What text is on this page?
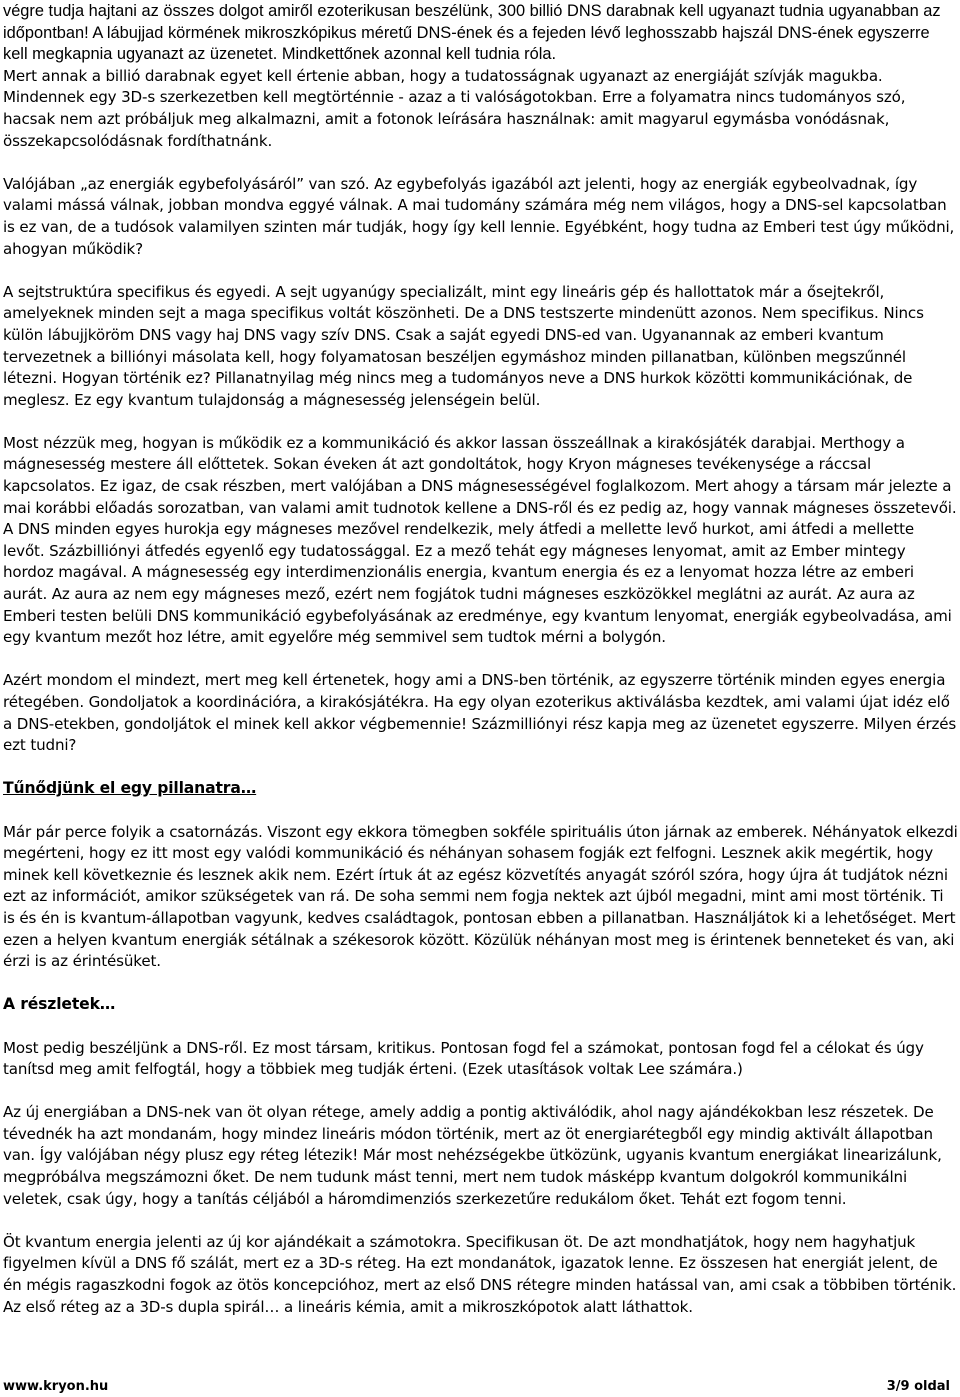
végre tudja hajtani az összes dolgot amiről ezoterikusan beszélünk, 300 billió DNS darabnak kell ugyanazt tudnia ugyanabban az időpontban! A lábujjad körmének mikroszkópikus méretű DNS-ének és a fejeden lévő leghosszabb hajszál DNS-ének egyszerre kell megkapnia ugyanazt az üzenetet. Mindkettőnek azonnal kell tudnia róla.

Mert annak a billió darabnak egyet kell értenie abban, hogy a tudatosságnak ugyanazt az energiáját szívják magukba. Mindennek egy 3D-s szerkezetben kell megtörténnie - azaz a ti valóságotokban. Erre a folyamatra nincs tudományos szó, hacsak nem azt próbáljuk meg alkalmazni, amit a fotonok leírására használnak: amit magyarul egymásba vonódásnak, összekapcsolódásnak fordíthatnánk.

Valójában „az energiák egybefolyásáról” van szó. Az egybefolyás igazából azt jelenti, hogy az energiák egybeolvadnak, így valami mássá válnak, jobban mondva eggyé válnak. A mai tudomány számára még nem világos, hogy a DNS-sel kapcsolatban is ez van, de a tudósok valamilyen szinten már tudják, hogy így kell lennie. Egyébként, hogy tudna az Emberi test úgy működni, ahogyan működik?

A sejtstruktúra specifikus és egyedi. A sejt ugyanúgy specializált, mint egy lineáris gép és hallottatok már a ősejtekről, amelyeknek minden sejt a maga specifikus voltát köszönheti. De a DNS testszerte mindenütt azonos. Nem specifikus. Nincs külön lábujjköröm DNS vagy haj DNS vagy szív DNS. Csak a saját egyedi DNS-ed van. Ugyanannak az emberi kvantum tervezetnek a billiónyi másolata kell, hogy folyamatosan beszéljen egymáshoz minden pillanatban, különben megszűnnél létezni. Hogyan történik ez? Pillanatnyilag még nincs meg a tudományos neve a DNS hurkok közötti kommunikációnak, de meglesz. Ez egy kvantum tulajdonság a mágnesesség jelenségein belül.

Most nézzük meg, hogyan is működik ez a kommunikáció és akkor lassan összeállnak a kirakósjáték darabjai. Merthogy a mágnesesség mestere áll előttetek. Sokan éveken át azt gondoltátok, hogy Kryon mágneses tevékenysége a ráccsal kapcsolatos. Ez igaz, de csak részben, mert valójában a DNS mágnesességével foglalkozom. Mert ahogy a társam már jelezte a mai korábbi előadás sorozatban, van valami amit tudnotok kellene a DNS-ről és ez pedig az, hogy vannak mágneses összetevői. A DNS minden egyes hurokja egy mágneses mezővel rendelkezik, mely átfedi a mellette levő hurkot, ami átfedi a mellette levőt. Százbilliónyi átfedés egyenlő egy tudatossággal. Ez a mező tehát egy mágneses lenyomat, amit az Ember mintegy hordoz magával. A mágnesesség egy interdimenzionális energia, kvantum energia és ez a lenyomat hozza létre az emberi aurát. Az aura az nem egy mágneses mező, ezért nem fogjátok tudni mágneses eszközökkel meglátni az aurát. Az aura az Emberi testen belüli DNS kommunikáció egybefolyásának az eredménye, egy kvantum lenyomat, energiák egybeolvadása, ami egy kvantum mezőt hoz létre, amit egyelőre még semmivel sem tudtok mérni a bolygón.

Azért mondom el mindezt, mert meg kell értenetek, hogy ami a DNS-ben történik, az egyszerre történik minden egyes energia rétegében. Gondoljatok a koordinációra, a kirakósjátékra. Ha egy olyan ezoterikus aktiválásba kezdtek, ami valami újat idéz elő a DNS-etekben, gondoljátok el minek kell akkor végbemennie! Százmilliónyi rész kapja meg az üzenetet egyszerre. Milyen érzés ezt tudni?

Tűnődjünk el egy pillanatra…

Már pár perce folyik a csatornázás. Viszont egy ekkora tömegben sokféle spirituális úton járnak az emberek. Néhányatok elkezdi megérteni, hogy ez itt most egy valódi kommunikáció és néhányan sohasem fogják ezt felfogni. Lesznek akik megértik, hogy minek kell következnie és lesznek akik nem. Ezért írtuk át az egész közvetítés anyagát szóról szóra, hogy újra át tudjátok nézni ezt az információt, amikor szükségetek van rá. De soha semmi nem fogja nektek azt újból megadni, mint ami most történik. Ti is és én is kvantum-állapotban vagyunk, kedves családtagok, pontosan ebben a pillanatban. Használjátok ki a lehetőséget. Mert ezen a helyen kvantum energiák sétálnak a székesorok között. Közülük néhányan most meg is érintenek benneteket és van, aki érzi is az érintésüket.

A részletek…

Most pedig beszéljünk a DNS-ről. Ez most társam, kritikus. Pontosan fogd fel a számokat, pontosan fogd fel a célokat és úgy tanítsd meg amit felfogtál, hogy a többiek meg tudják érteni. (Ezek utasítások voltak Lee számára.)

Az új energiában a DNS-nek van öt olyan rétege, amely addig a pontig aktiválódik, ahol nagy ajándékokban lesz részetek. De tévednék ha azt mondanám, hogy mindez lineáris módon történik, mert az öt energiarétegből egy mindig aktivált állapotban van. Így valójában négy plusz egy réteg létezik! Már most nehézségekbe ütközünk, ugyanis kvantum energiákat linearizálunk, megpróbálva megszámozni őket. De nem tudunk mást tenni, mert nem tudok másképp kvantum dolgokról kommunikálni veletek, csak úgy, hogy a tanítás céljából a háromdimenziós szerkezetűre redukálom őket. Tehát ezt fogom tenni.

Öt kvantum energia jelenti az új kor ajándékait a számotokra. Specifikusan öt. De azt mondhatjátok, hogy nem hagyhatjuk figyelmen kívül a DNS fő szálát, mert ez a 3D-s réteg. Ha ezt mondanátok, igazatok lenne. Ez összesen hat energiát jelent, de én mégis ragaszkodni fogok az ötös koncepcióhoz, mert az első DNS rétegre minden hatással van, ami csak a többiben történik. Az első réteg az a 3D-s dupla spirál… a lineáris kémia, amit a mikroszkópotok alatt láthattok.

www.kryon.hu	3/9 oldal
